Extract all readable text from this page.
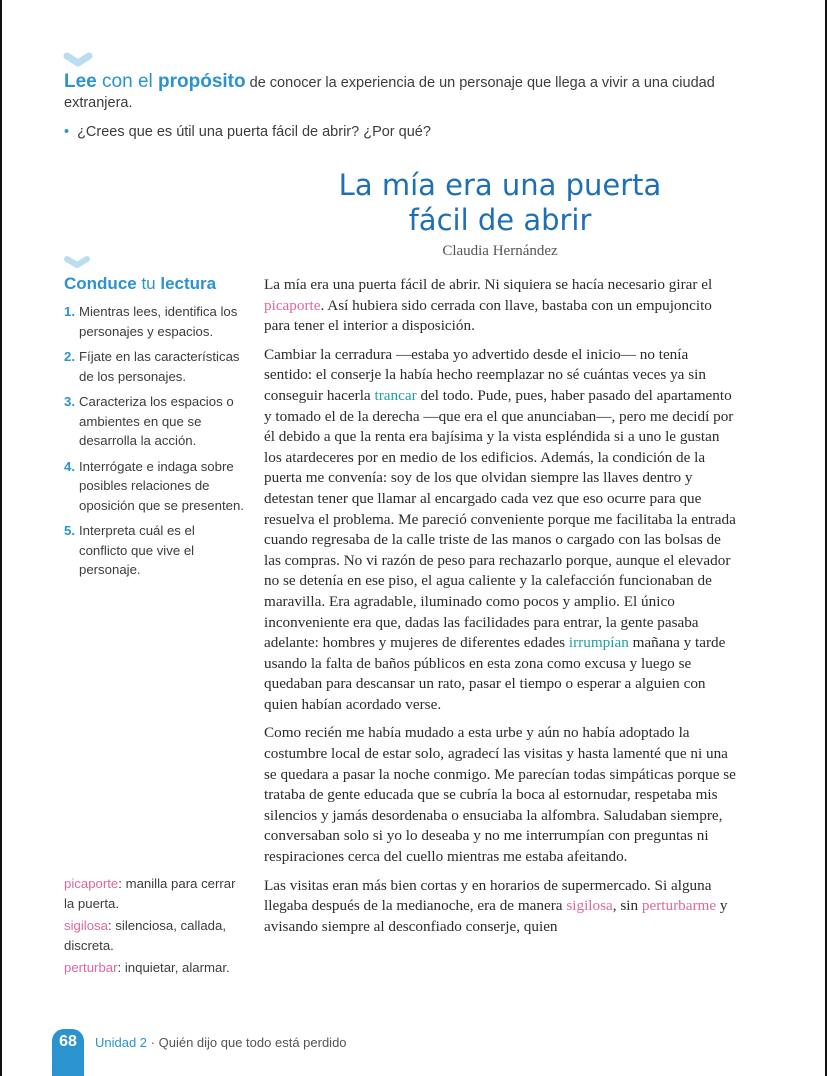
Lee con el propósito de conocer la experiencia de un personaje que llega a vivir a una ciudad extranjera.
• ¿Crees que es útil una puerta fácil de abrir? ¿Por qué?
La mía era una puerta
fácil de abrir
Claudia Hernández
Conduce tu lectura
1. Mientras lees, identifica los personajes y espacios.
2. Fíjate en las características de los personajes.
3. Caracteriza los espacios o ambientes en que se desarrolla la acción.
4. Interrógate e indaga sobre posibles relaciones de oposición que se presenten.
5. Interpreta cuál es el conflicto que vive el personaje.

La mía era una puerta fácil de abrir. Ni siquiera se hacía necesario girar el picaporte. Así hubiera sido cerrada con llave, bastaba con un empujoncito para tener el interior a disposición.

Cambiar la cerradura —estaba yo advertido desde el inicio— no tenía sentido: el conserje la había hecho reemplazar no sé cuántas veces ya sin conseguir hacerla trancar del todo. Pude, pues, haber pasado del apartamento y tomado el de la derecha —que era el que anunciaban—, pero me decidí por él debido a que la renta era bajísima y la vista espléndida si a uno le gustan los atardeceres por en medio de los edificios. Además, la condición de la puerta me convenía: soy de los que olvidan siempre las llaves dentro y detestan tener que llamar al encargado cada vez que eso ocurre para que resuelva el problema. Me pareció conveniente porque me facilitaba la entrada cuando regresaba de la calle triste de las manos o cargado con las bolsas de las compras. No vi razón de peso para rechazarlo porque, aunque el elevador no se detenía en ese piso, el agua caliente y la calefacción funcionaban de maravilla. Era agradable, iluminado como pocos y amplio. El único inconveniente era que, dadas las facilidades para entrar, la gente pasaba adelante: hombres y mujeres de diferentes edades irrumpían mañana y tarde usando la falta de baños públicos en esta zona como excusa y luego se quedaban para descansar un rato, pasar el tiempo o esperar a alguien con quien habían acordado verse.

Como recién me había mudado a esta urbe y aún no había adoptado la costumbre local de estar solo, agradecí las visitas y hasta lamenté que ni una se quedara a pasar la noche conmigo. Me parecían todas simpáticas porque se trataba de gente educada que se cubría la boca al estornudar, respetaba mis silencios y jamás desordenaba o ensuciaba la alfombra. Saludaban siempre, conversaban solo si yo lo deseaba y no me interrumpían con preguntas ni respiraciones cerca del cuello mientras me estaba afeitando.

Las visitas eran más bien cortas y en horarios de supermercado. Si alguna llegaba después de la medianoche, era de manera sigilosa, sin perturbarme y avisando siempre al desconfiado conserje, quien

picaporte: manilla para cerrar la puerta.
sigilosa: silenciosa, callada, discreta.
perturbar: inquietar, alarmar.
68	Unidad 2 · Quién dijo que todo está perdido
